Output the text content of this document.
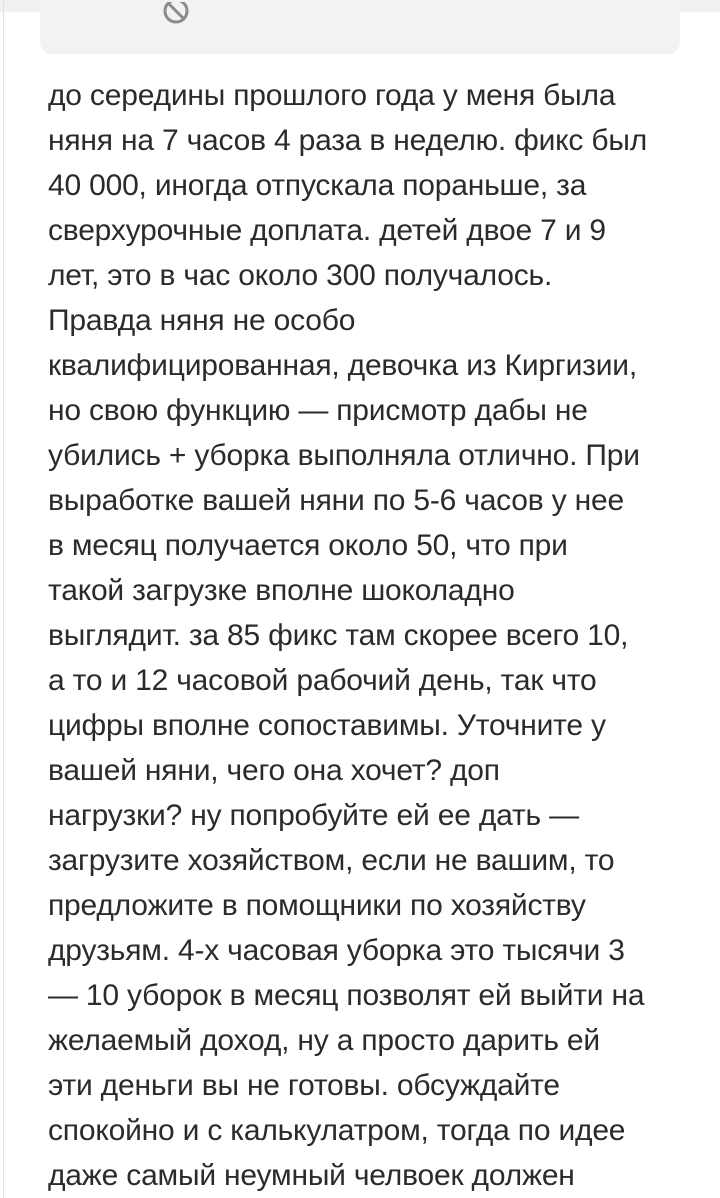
до середины прошлого года у меня была
няня на 7 часов 4 раза в неделю. фикс был
40 000, иногда отпускала пораньше, за
сверхурочные доплата. детей двое 7 и 9
лет, это в час около 300 получалось.
Правда няня не особо
квалифицированная, девочка из Киргизии,
но свою функцию — присмотр дабы не
убились + уборка выполняла отлично. При
выработке вашей няни по 5-6 часов у нее
в месяц получается около 50, что при
такой загрузке вполне шоколадно
выглядит. за 85 фикс там скорее всего 10,
а то и 12 часовой рабочий день, так что
цифры вполне сопоставимы. Уточните у
вашей няни, чего она хочет? доп
нагрузки? ну попробуйте ей ее дать —
загрузите хозяйством, если не вашим, то
предложите в помощники по хозяйству
друзьям. 4-х часовая уборка это тысячи 3
— 10 уборок в месяц позволят ей выйти на
желаемый доход, ну а просто дарить ей
эти деньги вы не готовы. обсуждайте
спокойно и с калькулатром, тогда по идее
даже самый неумный челвоек должен
